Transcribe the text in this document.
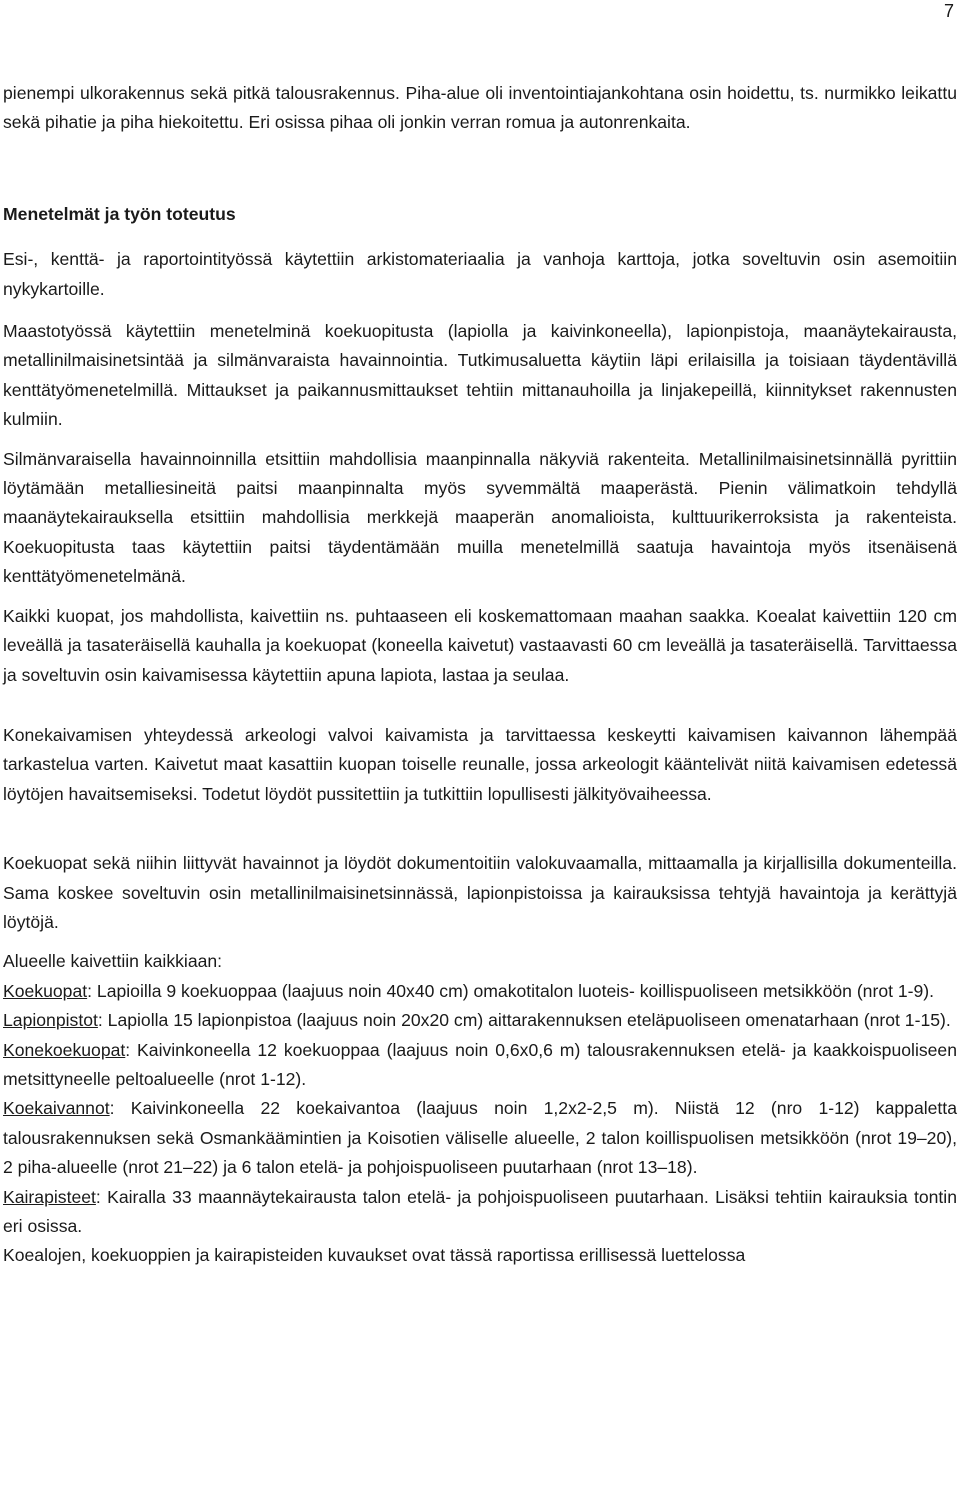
7

pienempi ulkorakennus sekä pitkä talousrakennus. Piha-alue oli inventointiajankohtana osin hoidettu, ts. nurmikko leikattu sekä pihatie ja piha hiekoitettu. Eri osissa pihaa oli jonkin verran romua ja autonrenkaita.

Menetelmät ja työn toteutus

Esi-, kenttä- ja raportointityössä käytettiin arkistomateriaalia ja vanhoja karttoja, jotka soveltuvin osin asemoitiin nykykartoille.

Maastotyössä käytettiin menetelminä koekuopitusta (lapiolla ja kaivinkoneella), lapionpistoja, maanäytekairausta, metallinilmaisinetsintää ja silmänvaraista havainnointia. Tutkimusaluetta käytiin läpi erilaisilla ja toisiaan täydentävillä kenttätyömenetelmillä. Mittaukset ja paikannusmittaukset tehtiin mittanauhoilla ja linjakepeillä, kiinnitykset rakennusten kulmiin.

Silmänvaraisella havainnoinnilla etsittiin mahdollisia maanpinnalla näkyviä rakenteita. Metallinilmaisinetsinnällä pyrittiin löytämään metalliesineitä paitsi maanpinnalta myös syvemmältä maaperästä. Pienin välimatkoin tehdyllä maanäytekairauksella etsittiin mahdollisia merkkejä maaperän anomalioista, kulttuurikerroksista ja rakenteista. Koekuopitusta taas käytettiin paitsi täydentämään muilla menetelmillä saatuja havaintoja myös itsenäisenä kenttätyömenetelmänä.

Kaikki kuopat, jos mahdollista, kaivettiin ns. puhtaaseen eli koskemattomaan maahan saakka. Koealat kaivettiin 120 cm leveällä ja tasateräisellä kauhalla ja koekuopat (koneella kaivetut) vastaavasti 60 cm leveällä ja tasateräisellä. Tarvittaessa ja soveltuvin osin kaivamisessa käytettiin apuna lapiota, lastaa ja seulaa.

Konekaivamisen yhteydessä arkeologi valvoi kaivamista ja tarvittaessa keskeytti kaivamisen kaivannon lähempää tarkastelua varten. Kaivetut maat kasattiin kuopan toiselle reunalle, jossa arkeologit kääntelivät niitä kaivamisen edetessä löytöjen havaitsemiseksi. Todetut löydöt pussitettiin ja tutkittiin lopullisesti jälkityövaiheessa.

Koekuopat sekä niihin liittyvät havainnot ja löydöt dokumentoitiin valokuvaamalla, mittaamalla ja kirjallisilla dokumenteilla. Sama koskee soveltuvin osin metallinilmaisinetsinnässä, lapionpistoissa ja kairauksissa tehtyjä havaintoja ja kerättyjä löytöjä.

Alueelle kaivettiin kaikkiaan:

Koekuopat: Lapioilla 9 koekuoppaa (laajuus noin 40x40 cm) omakotitalon luoteis- koillispuoliseen metsikköön (nrot 1-9).

Lapionpistot: Lapiolla 15 lapionpistoa (laajuus noin 20x20 cm) aittarakennuksen eteläpuoliseen omenatarhaan (nrot 1-15).

Konekoekuopat: Kaivinkoneella 12 koekuoppaa (laajuus noin 0,6x0,6 m) talousrakennuksen etelä- ja kaakkoispuoliseen metsittyneelle peltoalueelle (nrot 1-12).

Koekaivannot: Kaivinkoneella 22 koekaivantoa (laajuus noin 1,2x2-2,5 m). Niistä 12 (nro 1-12) kappaletta talousrakennuksen sekä Osmankäämintien ja Koisotien väliselle alueelle, 2 talon koillispuolisen metsikköön (nrot 19–20), 2 piha-alueelle (nrot 21–22) ja 6 talon etelä- ja pohjoispuoliseen puutarhaan (nrot 13–18).

Kairapisteet: Kairalla 33 maannäytekairausta talon etelä- ja pohjoispuoliseen puutarhaan. Lisäksi tehtiin kairauksia tontin eri osissa.

Koealojen, koekuoppien ja kairapisteiden kuvaukset ovat tässä raportissa erillisessä luettelossa
